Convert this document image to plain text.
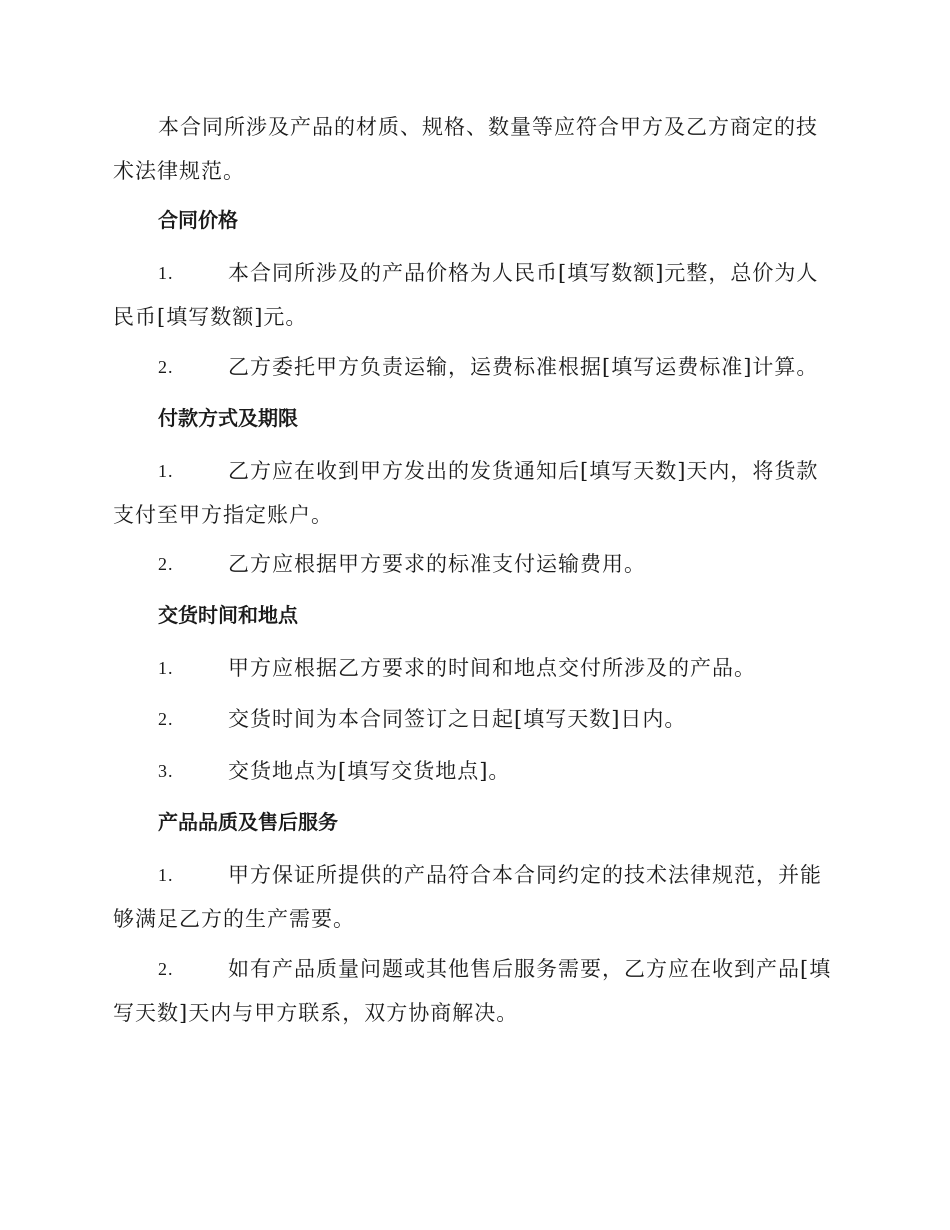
本合同所涉及产品的材质、规格、数量等应符合甲方及乙方商定的技术法律规范。

合同价格
1.	本合同所涉及的产品价格为人民币[填写数额]元整，总价为人民币[填写数额]元。
2.	乙方委托甲方负责运输，运费标准根据[填写运费标准]计算。
付款方式及期限
1.	乙方应在收到甲方发出的发货通知后[填写天数]天内，将货款支付至甲方指定账户。
2.	乙方应根据甲方要求的标准支付运输费用。
交货时间和地点
1.	甲方应根据乙方要求的时间和地点交付所涉及的产品。
2.	交货时间为本合同签订之日起[填写天数]日内。
3.	交货地点为[填写交货地点]。
产品品质及售后服务
1.	甲方保证所提供的产品符合本合同约定的技术法律规范，并能够满足乙方的生产需要。
2.	如有产品质量问题或其他售后服务需要，乙方应在收到产品[填写天数]天内与甲方联系，双方协商解决。
